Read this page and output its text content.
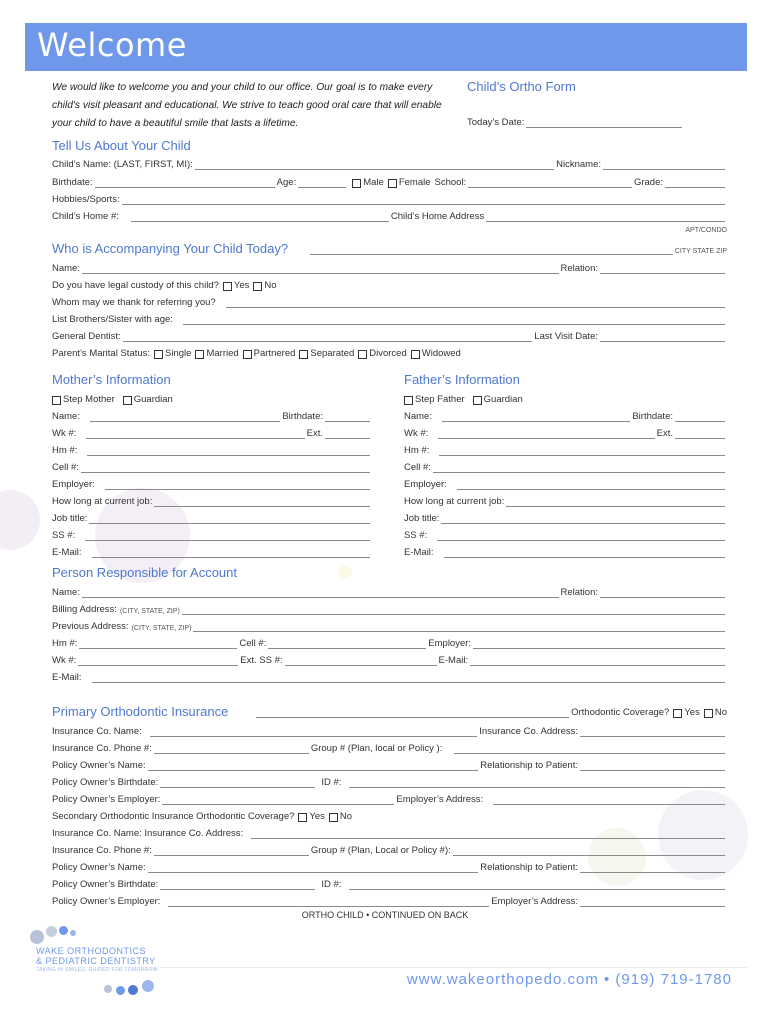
Welcome
We would like to welcome you and your child to our office. Our goal is to make every child's visit pleasant and educational. We strive to teach good oral care that will enable your child to have a beautiful smile that lasts a lifetime.
Child’s Ortho Form
Today’s Date:
Tell Us About Your Child
Child’s Name: (LAST, FIRST, MI):	Nickname:
Birthdate:	Age:	Male Female School:	Grade:
Hobbies/Sports:
Child’s Home #:	Child’s Home Address
APT/CONDO
Who is Accompanying Your Child Today?	CITY STATE ZIP
Name:	Relation:
Do you have legal custody of this child? Yes No
Whom may we thank for referring you?
List Brothers/Sister with age:
General Dentist:	Last Visit Date:
Parent’s Marital Status: Single Married Partnered Separated Divorced Widowed
Mother’s Information
Step Mother Guardian
Name:	Birthdate:
Wk #:	Ext.
Hm #:
Cell #:
Employer:
How long at current job:
Job title:
SS #:
E-Mail:
Father’s Information
Step Father Guardian
Name:	Birthdate:
Wk #:	Ext.
Hm #:
Cell #:
Employer:
How long at current job:
Job title:
SS #:
E-Mail:
Person Responsible for Account
Name:	Relation:
Billing Address: (CITY, STATE, ZIP)
Previous Address: (CITY, STATE, ZIP)
Hm #:	Cell #:	Employer:
Wk #:	Ext. SS #:	E-Mail:
E-Mail:
Primary Orthodontic Insurance	Orthodontic Coverage? Yes No
Insurance Co. Name:	Insurance Co. Address:
Insurance Co. Phone #:	Group # (Plan, local or Policy ):
Policy Owner’s Name:	Relationship to Patient:
Policy Owner’s Birthdate:	ID #:
Policy Owner’s Employer:	Employer’s Address:
Secondary Orthodontic Insurance Orthodontic Coverage? Yes No
Insurance Co. Name: Insurance Co. Address:
Insurance Co. Phone #:	Group # (Plan, Local or Policy #):
Policy Owner’s Name:	Relationship to Patient:
Policy Owner’s Birthdate:	ID #:
Policy Owner’s Employer:	Employer’s Address:
ORTHO CHILD • CONTINUED ON BACK
WAKE ORTHODONTICS
& PEDIATRIC DENTISTRY
TAKING IN SMILES. GUIDED FOR TOMORROW
www.wakeorthopedo.com • (919) 719-1780
